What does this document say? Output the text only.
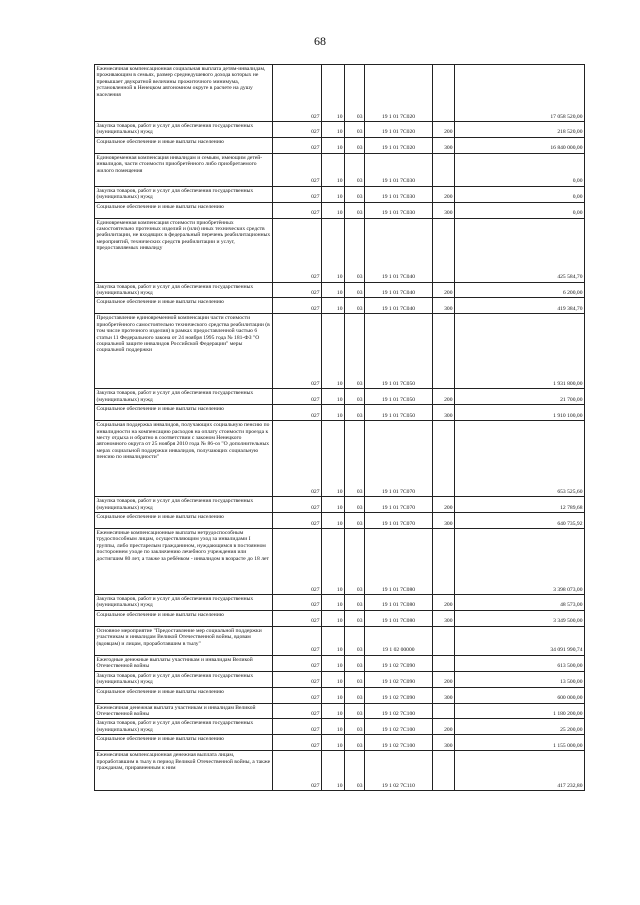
68
Ежемесячная компенсационная социальная выплата детям-инвалидам, проживающим в семьях, размер среднедушевого дохода которых не превышает двукратной величины прожиточного минимума, установленной в Ненецком автономном округе в расчете на душу населения	027	10	03	19 1 01 7С020		17 058 520,00

Закупка товаров, работ и услуг для обеспечения государственных (муниципальных) нужд	027	10	03	19 1 01 7С020	200	218 520,00

Социальное обеспечение и иные выплаты населению	027	10	03	19 1 01 7С020	300	16 840 000,00

Единовременная компенсация инвалидам и семьям, имеющим детей-инвалидов, части стоимости приобретённого либо приобретаемого жилого помещения	027	10	03	19 1 01 7С030		0,00

Закупка товаров, работ и услуг для обеспечения государственных (муниципальных) нужд	027	10	03	19 1 01 7С030	200	0,00

Социальное обеспечение и иные выплаты населению	027	10	03	19 1 01 7С030	300	0,00

Единовременная компенсация стоимости приобретённых самостоятельно протезных изделий и (или) иных технических средств реабилитации, не входящих в федеральный перечень реабилитационных мероприятий, технических средств реабилитации и услуг, предоставляемых инвалиду	027	10	03	19 1 01 7С040		425 584,70

Закупка товаров, работ и услуг для обеспечения государственных (муниципальных) нужд	027	10	03	19 1 01 7С040	200	6 200,00

Социальное обеспечение и иные выплаты населению	027	10	03	19 1 01 7С040	300	419 384,70

Предоставление единовременной компенсации части стоимости приобретённого самостоятельно технического средства реабилитации (в том числе протезного изделия) в рамках предоставленной частью 6 статьи 11 Федерального закона от 24 ноября 1995 года № 181-ФЗ "О социальной защите инвалидов Российской Федерации" меры социальной поддержки	027	10	03	19 1 01 7С050		1 931 800,00

Закупка товаров, работ и услуг для обеспечения государственных (муниципальных) нужд	027	10	03	19 1 01 7С050	200	21 700,00

Социальное обеспечение и иные выплаты населению	027	10	03	19 1 01 7С050	300	1 910 100,00

Социальная поддержка инвалидов, получающих социальную пенсию по инвалидности на компенсацию расходов на оплату стоимости проезда к месту отдыха и обратно в соответствии с законом Ненецкого автономного округа от 25 ноября 2010 года № 86-оз "О дополнительных мерах социальной поддержки инвалидов, получающих социальную пенсию по инвалидности"	027	10	03	19 1 01 7С070		653 525,60

Закупка товаров, работ и услуг для обеспечения государственных (муниципальных) нужд	027	10	03	19 1 01 7С070	200	12 789,68

Социальное обеспечение и иные выплаты населению	027	10	03	19 1 01 7С070	300	640 735,92

Ежемесячные компенсационные выплаты нетрудоспособным трудоспособным лицам, осуществляющим уход за инвалидами I группы, либо престарелым гражданином, нуждающимся в постоянном постороннем уходе по заключению лечебного учреждения или достигшим 80 лет, а также за ребёнком - инвалидом в возрасте до 18 лет	027	10	03	19 1 01 7С080		3 398 073,00

Закупка товаров, работ и услуг для обеспечения государственных (муниципальных) нужд	027	10	03	19 1 01 7С080	200	48 573,00

Социальное обеспечение и иные выплаты населению	027	10	03	19 1 01 7С080	300	3 349 500,00

Основное мероприятие "Предоставление мер социальной поддержки участникам и инвалидам Великой Отечественной войны, вдовам (вдовцам) и лицам, проработавшим в тылу"	027	10	03	19 1 02 00000		34 091 990,74

Ежегодные денежные выплаты участникам и инвалидам Великой Отечественной войны	027	10	03	19 1 02 7С090		613 500,00

Закупка товаров, работ и услуг для обеспечения государственных (муниципальных) нужд	027	10	03	19 1 02 7С090	200	13 500,00

Социальное обеспечение и иные выплаты населению	027	10	03	19 1 02 7С090	300	600 000,00

Ежемесячная денежная выплата участникам и инвалидам Великой Отечественной войны	027	10	03	19 1 02 7С100		1 180 200,00

Закупка товаров, работ и услуг для обеспечения государственных (муниципальных) нужд	027	10	03	19 1 02 7С100	200	25 200,00

Социальное обеспечение и иные выплаты населению	027	10	03	19 1 02 7С100	300	1 155 000,00

Ежемесячная компенсационная денежная выплата лицам, проработавшим в тылу в период Великой Отечественной войны, а также гражданам, приравненным к ним	027	10	03	19 1 02 7С110		417 232,80
